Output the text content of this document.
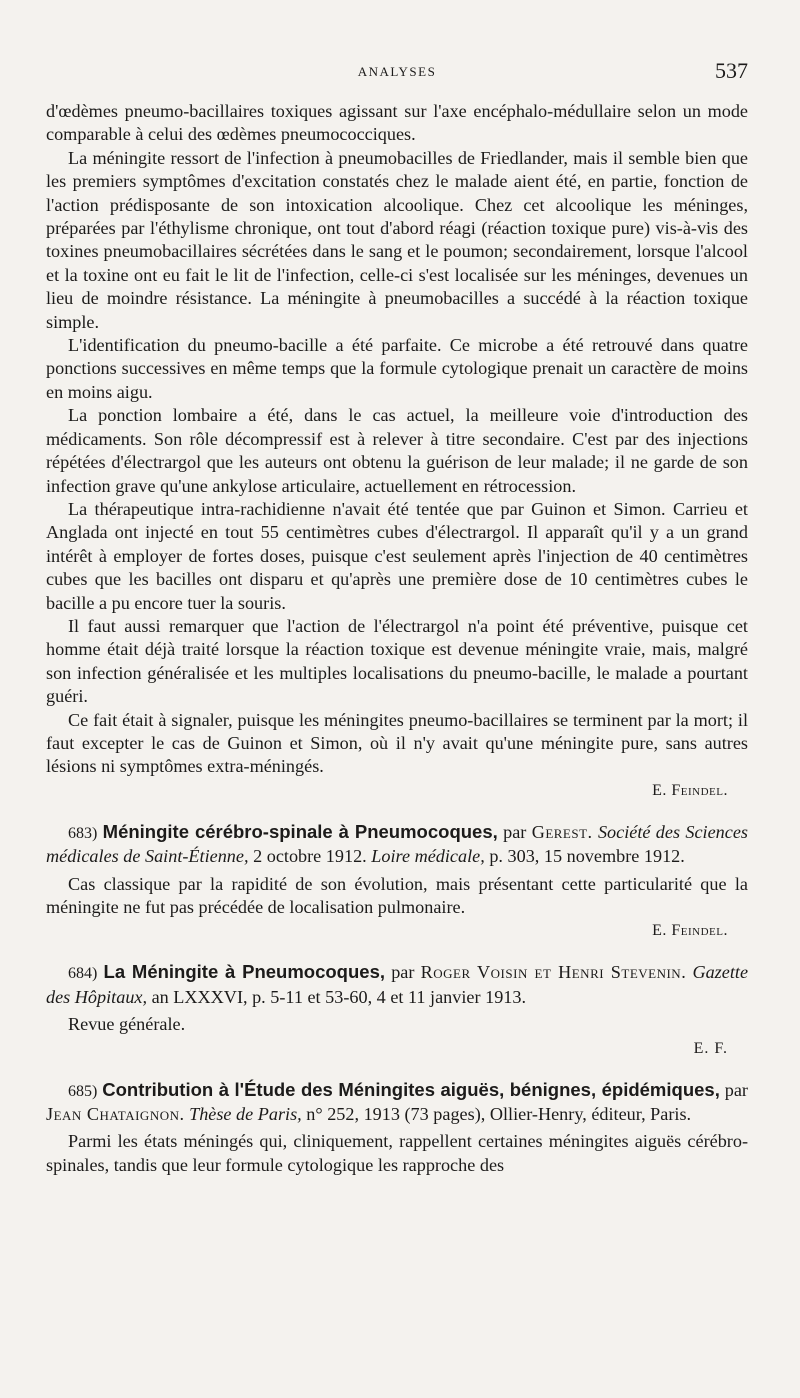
ANALYSES	537

d'œdèmes pneumo-bacillaires toxiques agissant sur l'axe encéphalo-médullaire selon un mode comparable à celui des œdèmes pneumococciques.

La méningite ressort de l'infection à pneumobacilles de Friedlander, mais il semble bien que les premiers symptômes d'excitation constatés chez le malade aient été, en partie, fonction de l'action prédisposante de son intoxication alcoolique. Chez cet alcoolique les méninges, préparées par l'éthylisme chronique, ont tout d'abord réagi (réaction toxique pure) vis-à-vis des toxines pneumobacillaires sécrétées dans le sang et le poumon; secondairement, lorsque l'alcool et la toxine ont eu fait le lit de l'infection, celle-ci s'est localisée sur les méninges, devenues un lieu de moindre résistance. La méningite à pneumobacilles a succédé à la réaction toxique simple.

L'identification du pneumo-bacille a été parfaite. Ce microbe a été retrouvé dans quatre ponctions successives en même temps que la formule cytologique prenait un caractère de moins en moins aigu.

La ponction lombaire a été, dans le cas actuel, la meilleure voie d'introduction des médicaments. Son rôle décompressif est à relever à titre secondaire. C'est par des injections répétées d'électrargol que les auteurs ont obtenu la guérison de leur malade; il ne garde de son infection grave qu'une ankylose articulaire, actuellement en rétrocession.

La thérapeutique intra-rachidienne n'avait été tentée que par Guinon et Simon. Carrieu et Anglada ont injecté en tout 55 centimètres cubes d'électrargol. Il apparaît qu'il y a un grand intérêt à employer de fortes doses, puisque c'est seulement après l'injection de 40 centimètres cubes que les bacilles ont disparu et qu'après une première dose de 10 centimètres cubes le bacille a pu encore tuer la souris.

Il faut aussi remarquer que l'action de l'électrargol n'a point été préventive, puisque cet homme était déjà traité lorsque la réaction toxique est devenue méningite vraie, mais, malgré son infection généralisée et les multiples localisations du pneumo-bacille, le malade a pourtant guéri.

Ce fait était à signaler, puisque les méningites pneumo-bacillaires se terminent par la mort; il faut excepter le cas de Guinon et Simon, où il n'y avait qu'une méningite pure, sans autres lésions ni symptômes extra-méningés.

E. Feindel.

683) Méningite cérébro-spinale à Pneumocoques, par Gerest. Société des Sciences médicales de Saint-Étienne, 2 octobre 1912. Loire médicale, p. 303, 15 novembre 1912.

Cas classique par la rapidité de son évolution, mais présentant cette particularité que la méningite ne fut pas précédée de localisation pulmonaire.

E. Feindel.

684) La Méningite à Pneumocoques, par Roger Voisin et Henri Stevenin. Gazette des Hôpitaux, an LXXXVI, p. 5-11 et 53-60, 4 et 11 janvier 1913.

Revue générale.

E. F.

685) Contribution à l'Étude des Méningites aiguës, bénignes, épidémiques, par Jean Chataignon. Thèse de Paris, n° 252, 1913 (73 pages), Ollier-Henry, éditeur, Paris.

Parmi les états méningés qui, cliniquement, rappellent certaines méningites aiguës cérébro-spinales, tandis que leur formule cytologique les rapproche des
